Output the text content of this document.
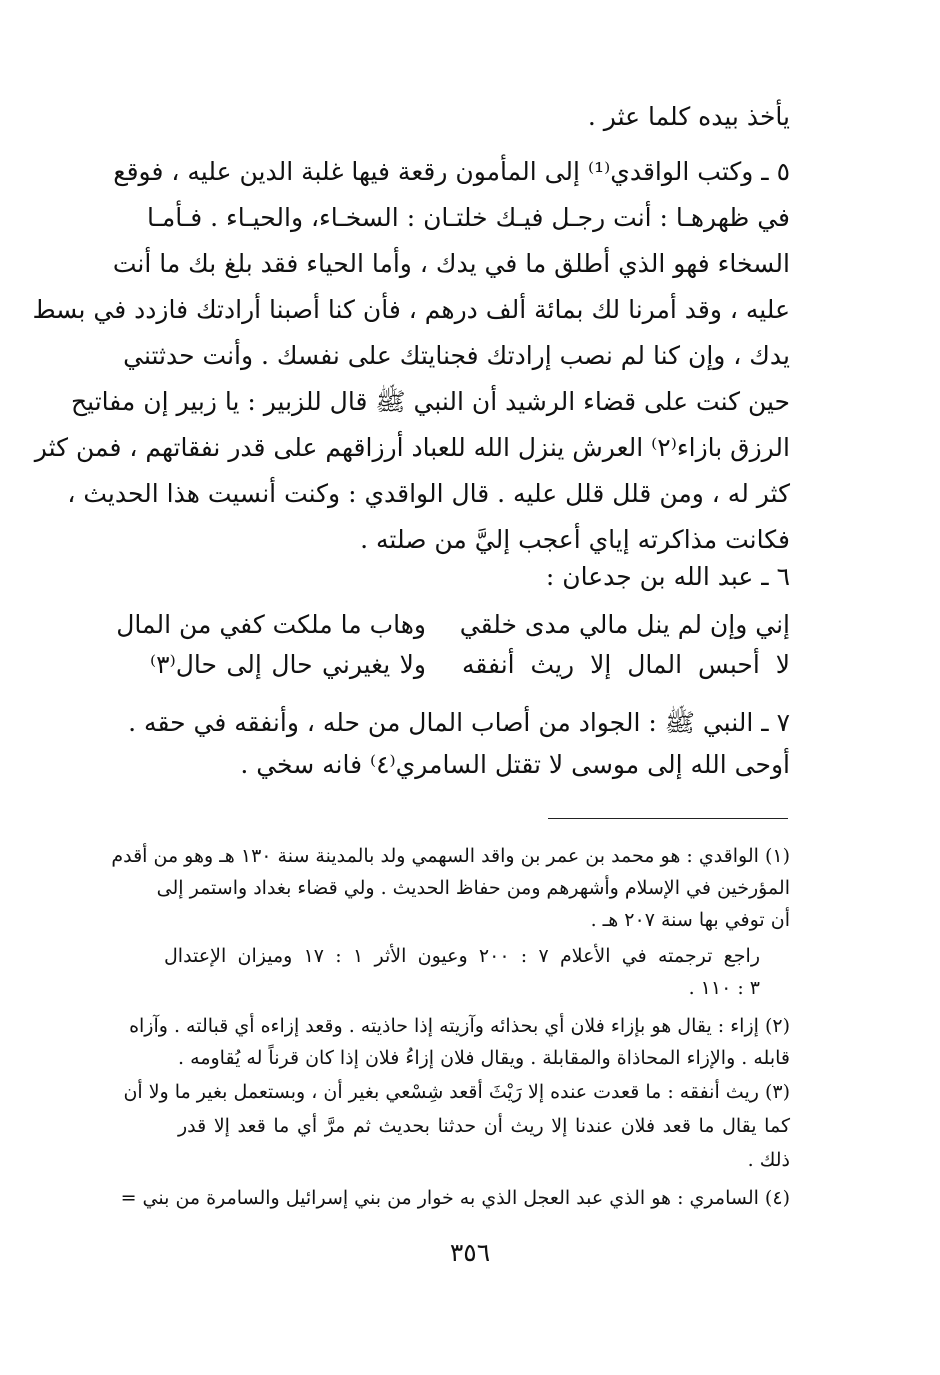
يأخذ بيده كلما عثر .
٥ ـ وكتب الواقدي⁽¹⁾ إلى المأمون رقعة فيها غلبة الدين عليه ، فوقع
في ظهرهـا : أنت رجـل فيـك خلتـان : السخـاء، والحيـاء . فـأمـا
السخاء فهو الذي أطلق ما في يدك ، وأما الحياء فقد بلغ بك ما أنت
عليه ، وقد أمرنا لك بمائة ألف درهم ، فأن كنا أصبنا أرادتك فازدد في بسط
يدك ، وإن كنا لم نصب إرادتك فجنايتك على نفسك . وأنت حدثتني
حين كنت على قضاء الرشيد أن النبي ﷺ قال للزبير : يا زبير إن مفاتيح
الرزق بازاء⁽٢⁾ العرش ينزل الله للعباد أرزاقهم على قدر نفقاتهم ، فمن كثر
كثر له ، ومن قلل قلل عليه . قال الواقدي : وكنت أنسيت هذا الحديث ،
فكانت مذاكرته إياي أعجب إليَّ من صلته .
٦ ـ عبد الله بن جدعان :
إني وإن لم ينل مالي مدى خلقي
وهاب ما ملكت كفي من المال
لا أحبس المال إلا ريث أنفقه
ولا يغيرني حال إلى حال⁽٣⁾
٧ ـ النبي ﷺ : الجواد من أصاب المال من حله ، وأنفقه في حقه .
أوحى الله إلى موسى لا تقتل السامري⁽٤⁾ فانه سخي .
(١) الواقدي : هو محمد بن عمر بن واقد السهمي ولد بالمدينة سنة ١٣٠ هـ وهو من أقدم
المؤرخين في الإسلام وأشهرهم ومن حفاظ الحديث . ولي قضاء بغداد واستمر إلى
أن توفي بها سنة ٢٠٧ هـ .
راجع ترجمته في الأعلام ٧ : ٢٠٠ وعيون الأثر ١ : ١٧ وميزان الإعتدال
٣ : ١١٠ .
(٢) إزاء : يقال هو بإزاء فلان أي بحذائه وآزيته إذا حاذيته . وقعد إزاءه أي قبالته . وآزاه
قابله . والإزاء المحاذاة والمقابلة . ويقال فلان إزاءُ فلان إذا كان قرناً له يُقاومه .
(٣) ريث أنفقه : ما قعدت عنده إلا رَيْثَ أقعد شِسْعي بغير أن ، وبستعمل بغير ما ولا أن
كما يقال ما قعد فلان عندنا إلا ريث أن حدثنا بحديث ثم مرَّ أي ما قعد إلا قدر
ذلك .
(٤) السامري : هو الذي عبد العجل الذي به خوار من بني إسرائيل والسامرة من بني =
٣٥٦
